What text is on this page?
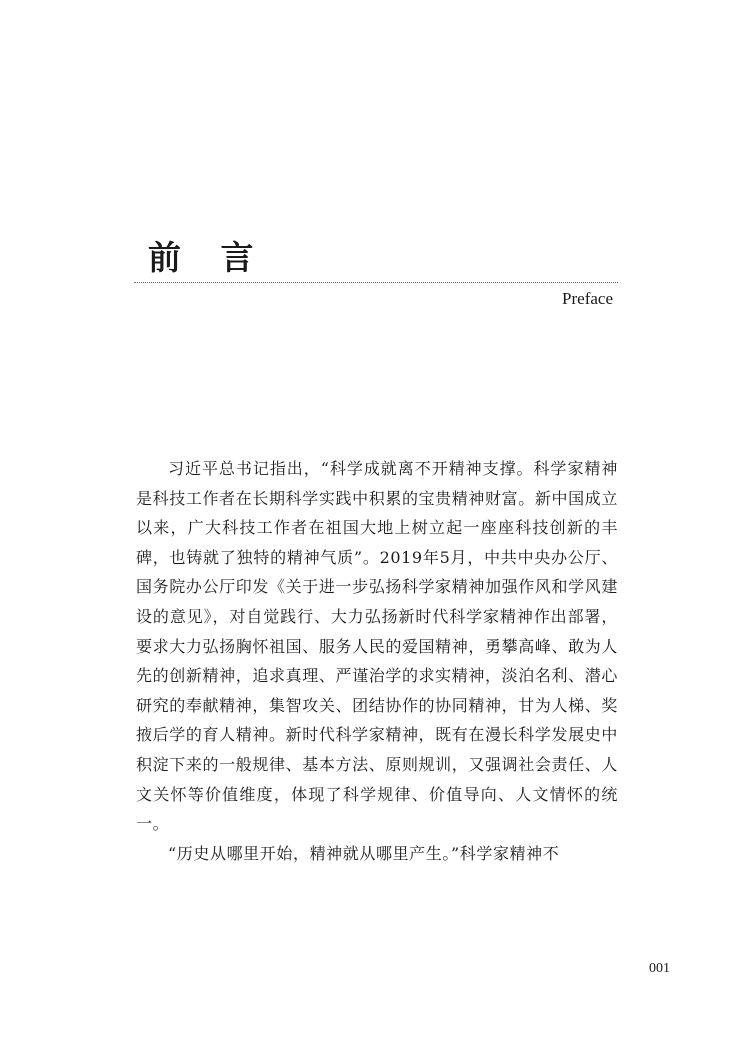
前 言
Preface

习近平总书记指出，“科学成就离不开精神支撑。科学家精神是科技工作者在长期科学实践中积累的宝贵精神财富。新中国成立以来，广大科技工作者在祖国大地上树立起一座座科技创新的丰碑，也铸就了独特的精神气质”。2019年5月，中共中央办公厅、国务院办公厅印发《关于进一步弘扬科学家精神加强作风和学风建设的意见》，对自觉践行、大力弘扬新时代科学家精神作出部署，要求大力弘扬胸怀祖国、服务人民的爱国精神，勇攀高峰、敢为人先的创新精神，追求真理、严谨治学的求实精神，淡泊名利、潜心研究的奉献精神，集智攻关、团结协作的协同精神，甘为人梯、奖掖后学的育人精神。新时代科学家精神，既有在漫长科学发展史中积淀下来的一般规律、基本方法、原则规训，又强调社会责任、人文关怀等价值维度，体现了科学规律、价值导向、人文情怀的统一。

“历史从哪里开始，精神就从哪里产生。”科学家精神不

001
